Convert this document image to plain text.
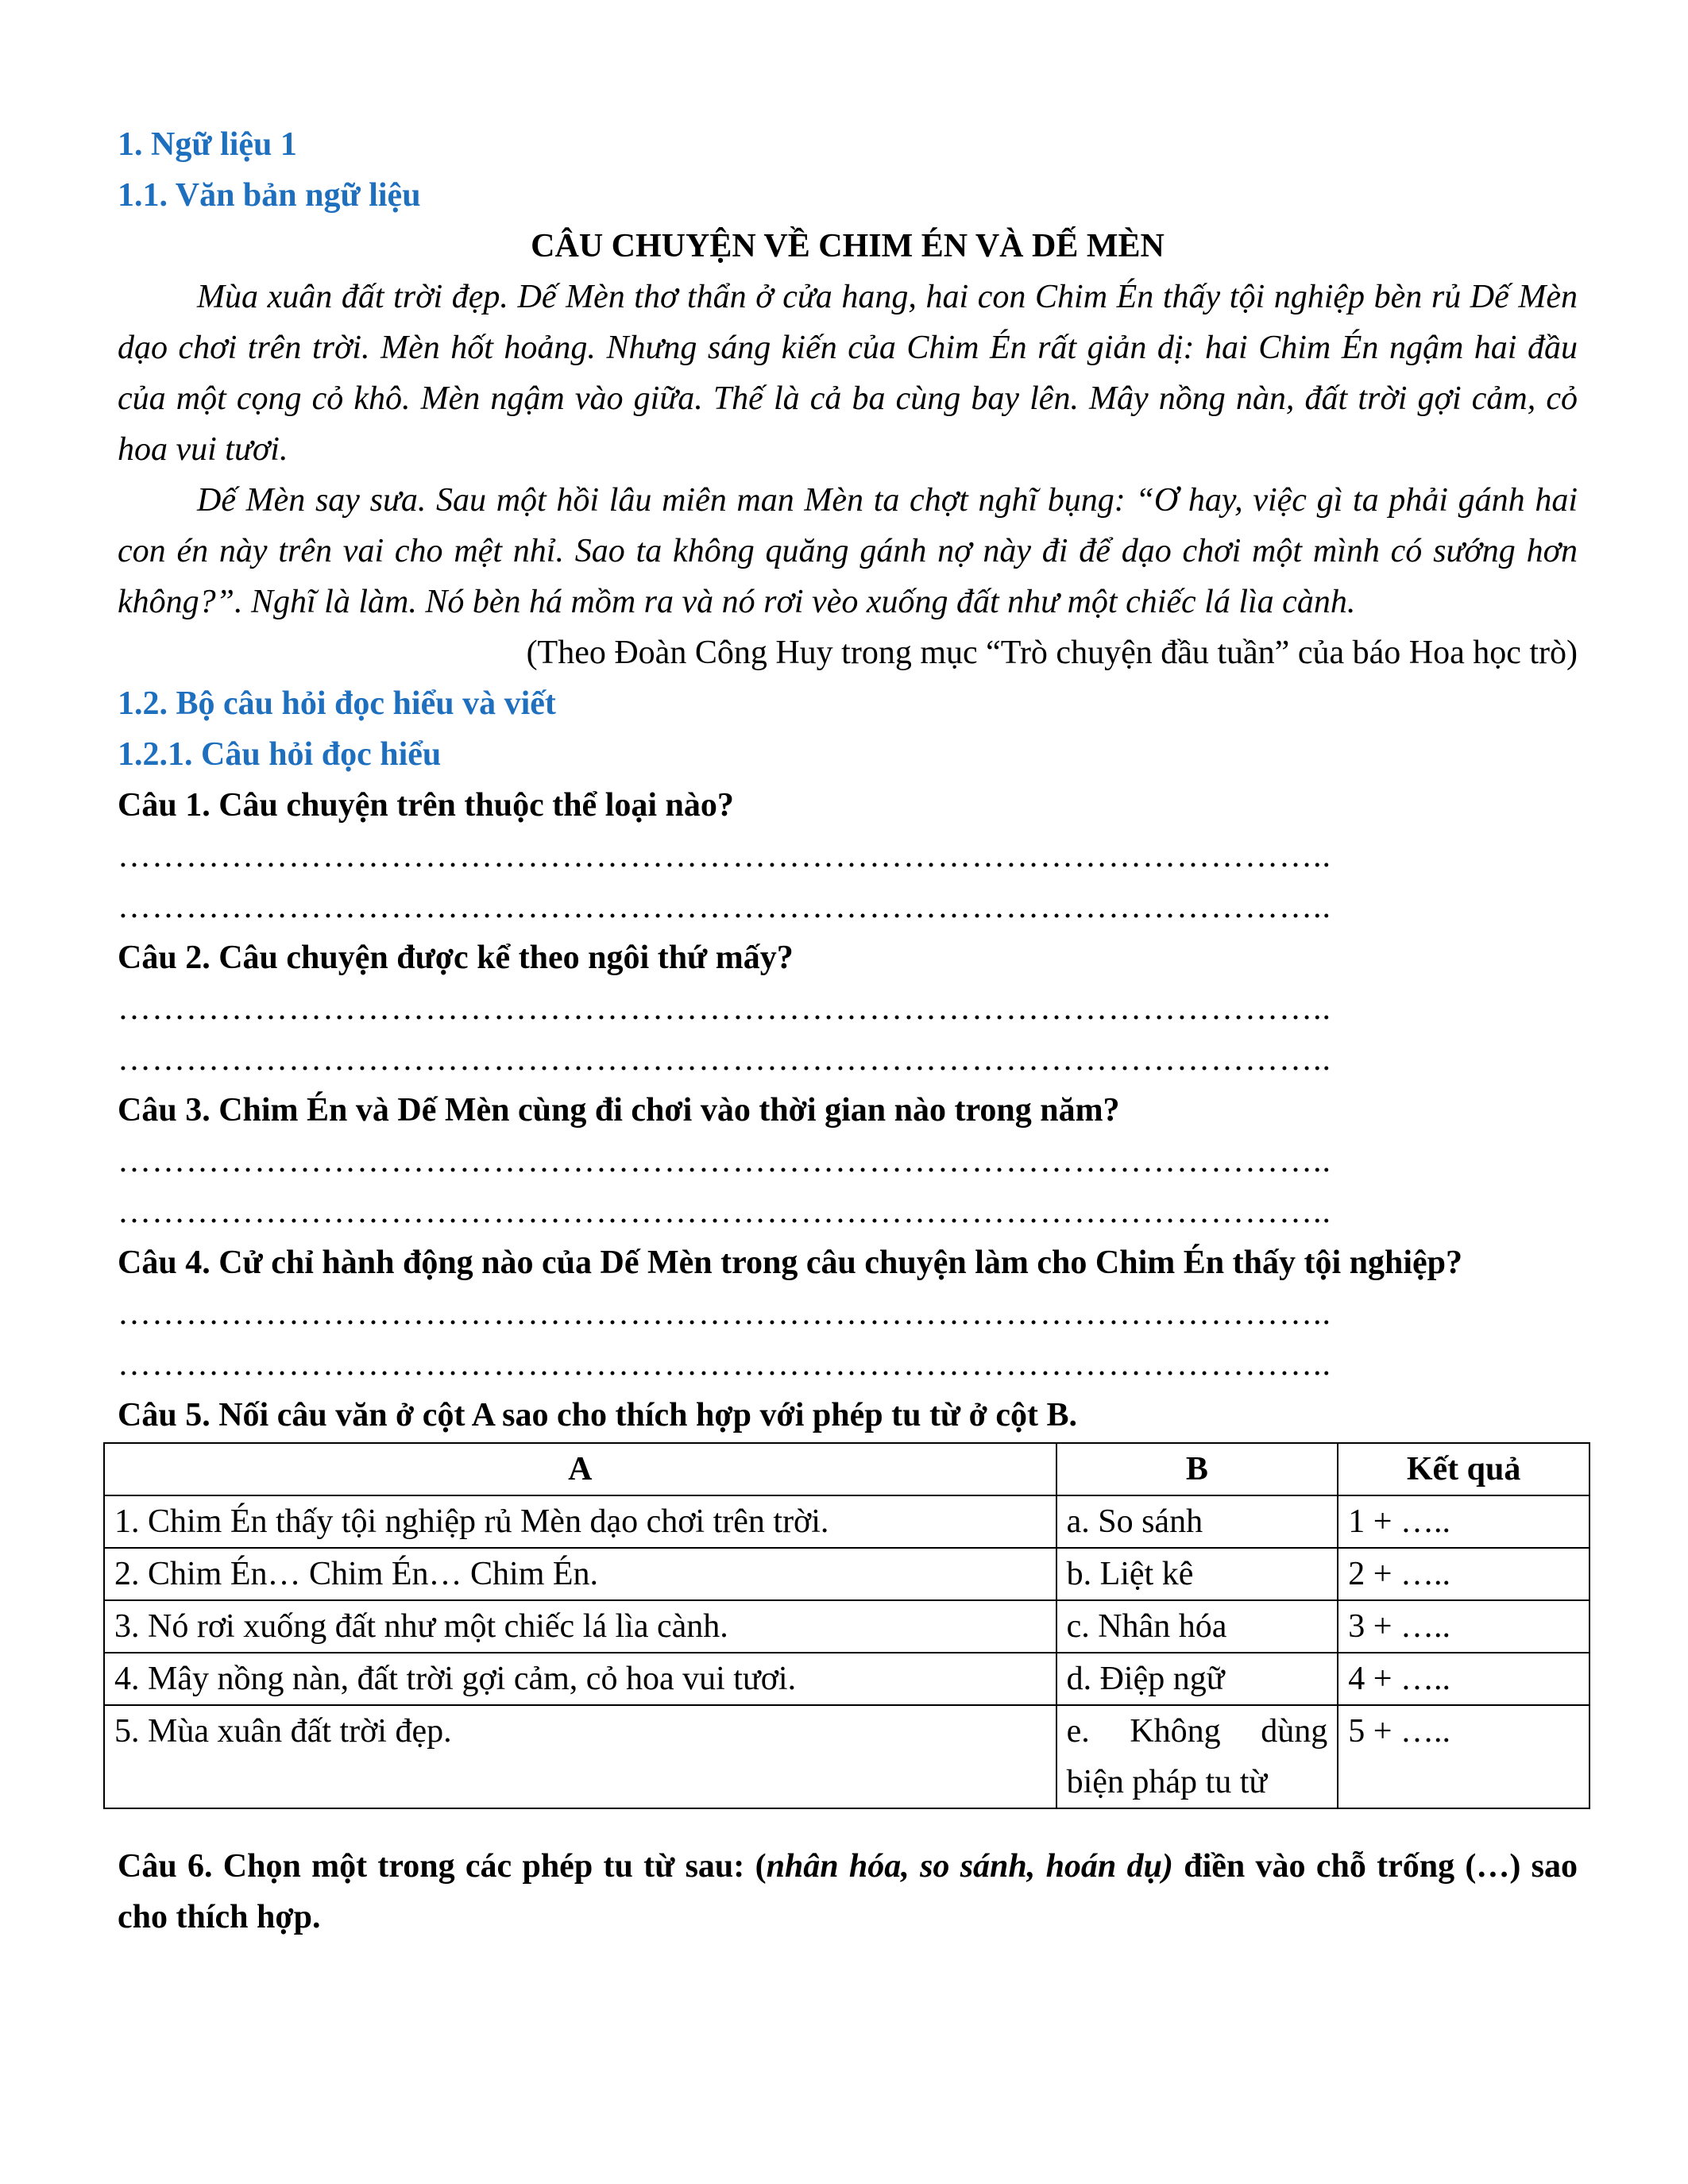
1. Ngữ liệu 1

1.1. Văn bản ngữ liệu

CÂU CHUYỆN VỀ CHIM ÉN VÀ DẾ MÈN

Mùa xuân đất trời đẹp. Dế Mèn thơ thẩn ở cửa hang, hai con Chim Én thấy tội nghiệp bèn rủ Dế Mèn dạo chơi trên trời. Mèn hốt hoảng. Nhưng sáng kiến của Chim Én rất giản dị: hai Chim Én ngậm hai đầu của một cọng cỏ khô. Mèn ngậm vào giữa. Thế là cả ba cùng bay lên. Mây nồng nàn, đất trời gợi cảm, cỏ hoa vui tươi.

Dế Mèn say sưa. Sau một hồi lâu miên man Mèn ta chợt nghĩ bụng: “Ơ hay, việc gì ta phải gánh hai con én này trên vai cho mệt nhỉ. Sao ta không quăng gánh nợ này đi để dạo chơi một mình có sướng hơn không?”. Nghĩ là làm. Nó bèn há mồm ra và nó rơi vèo xuống đất như một chiếc lá lìa cành.

(Theo Đoàn Công Huy trong mục “Trò chuyện đầu tuần” của báo Hoa học trò)

1.2. Bộ câu hỏi đọc hiểu và viết

1.2.1. Câu hỏi đọc hiểu

Câu 1. Câu chuyện trên thuộc thể loại nào?

……………………………………………………………………………………………..

……………………………………………………………………………………………..

Câu 2. Câu chuyện được kể theo ngôi thứ mấy?

……………………………………………………………………………………………..

……………………………………………………………………………………………..

Câu 3. Chim Én và Dế Mèn cùng đi chơi vào thời gian nào trong năm?

……………………………………………………………………………………………..

……………………………………………………………………………………………..

Câu 4. Cử chỉ hành động nào của Dế Mèn trong câu chuyện làm cho Chim Én thấy tội nghiệp?

……………………………………………………………………………………………..

……………………………………………………………………………………………..

Câu 5. Nối câu văn ở cột A sao cho thích hợp với phép tu từ ở cột B.

A	B	Kết quả
1. Chim Én thấy tội nghiệp rủ Mèn dạo chơi trên trời.	a. So sánh	1 + …..
2. Chim Én… Chim Én… Chim Én.	b. Liệt kê	2 + …..
3. Nó rơi xuống đất như một chiếc lá lìa cành.	c. Nhân hóa	3 + …..
4. Mây nồng nàn, đất trời gợi cảm, cỏ hoa vui tươi.	d. Điệp ngữ	4 + …..
5. Mùa xuân đất trời đẹp.	e. Không dùng biện pháp tu từ	5 + …..

Câu 6. Chọn một trong các phép tu từ sau: (nhân hóa, so sánh, hoán dụ) điền vào chỗ trống (…) sao cho thích hợp.
